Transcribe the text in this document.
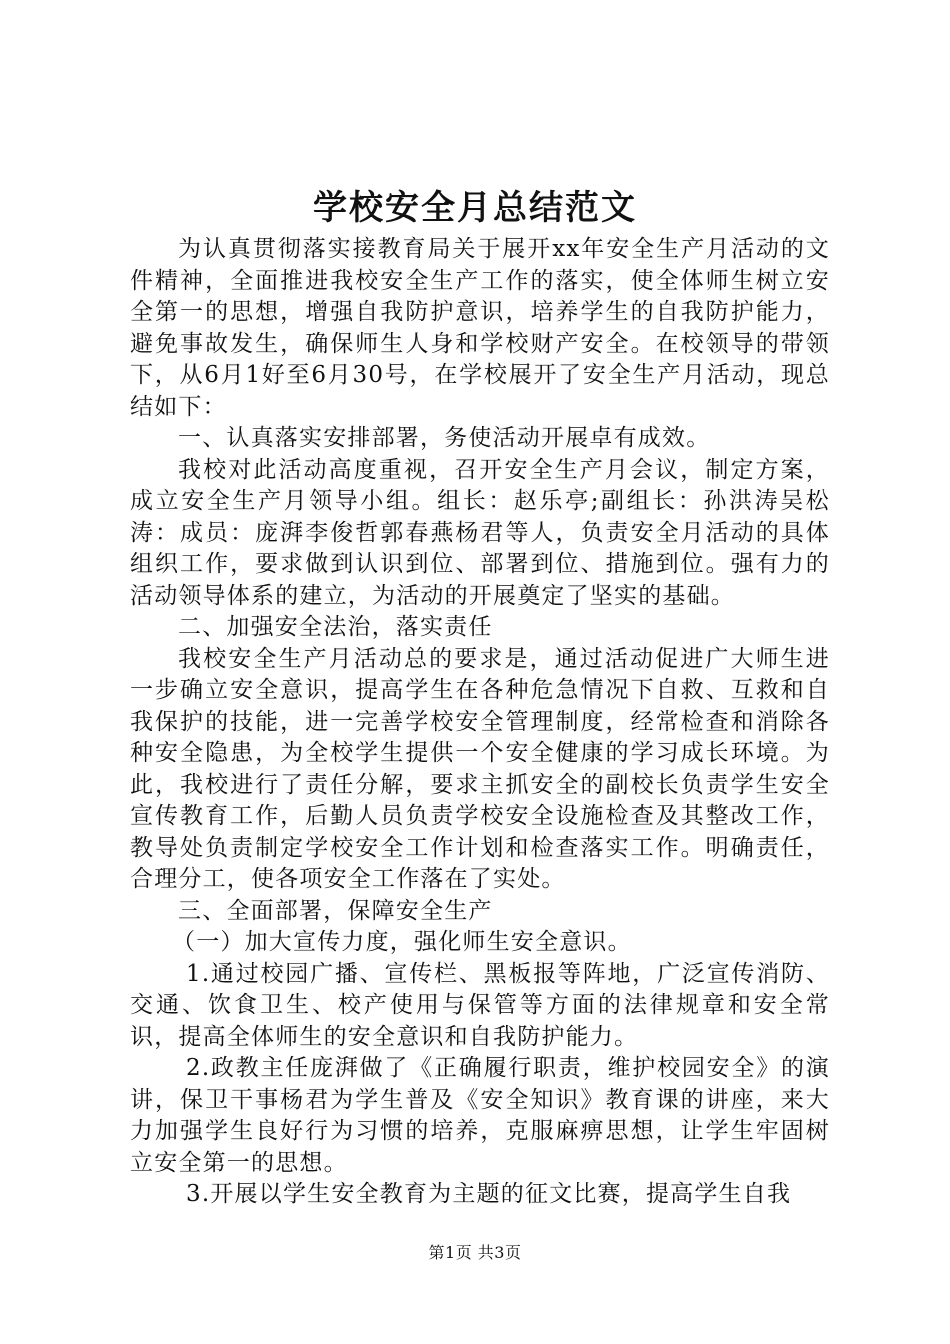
学校安全月总结范文

为认真贯彻落实接教育局关于展开xx年安全生产月活动的文件精神，全面推进我校安全生产工作的落实，使全体师生树立安全第一的思想，增强自我防护意识，培养学生的自我防护能力，避免事故发生，确保师生人身和学校财产安全。在校领导的带领下，从6月1好至6月30号，在学校展开了安全生产月活动，现总结如下：

一、认真落实安排部署，务使活动开展卓有成效。

我校对此活动高度重视，召开安全生产月会议，制定方案，成立安全生产月领导小组。组长：赵乐亭;副组长：孙洪涛吴松涛：成员：庞湃李俊哲郭春燕杨君等人，负责安全月活动的具体组织工作，要求做到认识到位、部署到位、措施到位。强有力的活动领导体系的建立，为活动的开展奠定了坚实的基础。

二、加强安全法治，落实责任

我校安全生产月活动总的要求是，通过活动促进广大师生进一步确立安全意识，提高学生在各种危急情况下自救、互救和自我保护的技能，进一完善学校安全管理制度，经常检查和消除各种安全隐患，为全校学生提供一个安全健康的学习成长环境。为此，我校进行了责任分解，要求主抓安全的副校长负责学生安全宣传教育工作，后勤人员负责学校安全设施检查及其整改工作，教导处负责制定学校安全工作计划和检查落实工作。明确责任，合理分工，使各项安全工作落在了实处。

三、全面部署，保障安全生产

（一）加大宣传力度，强化师生安全意识。

1.通过校园广播、宣传栏、黑板报等阵地，广泛宣传消防、交通、饮食卫生、校产使用与保管等方面的法律规章和安全常识，提高全体师生的安全意识和自我防护能力。

2.政教主任庞湃做了《正确履行职责，维护校园安全》的演讲，保卫干事杨君为学生普及《安全知识》教育课的讲座，来大力加强学生良好行为习惯的培养，克服麻痹思想，让学生牢固树立安全第一的思想。

3.开展以学生安全教育为主题的征文比赛，提高学生自我

第1页 共3页
